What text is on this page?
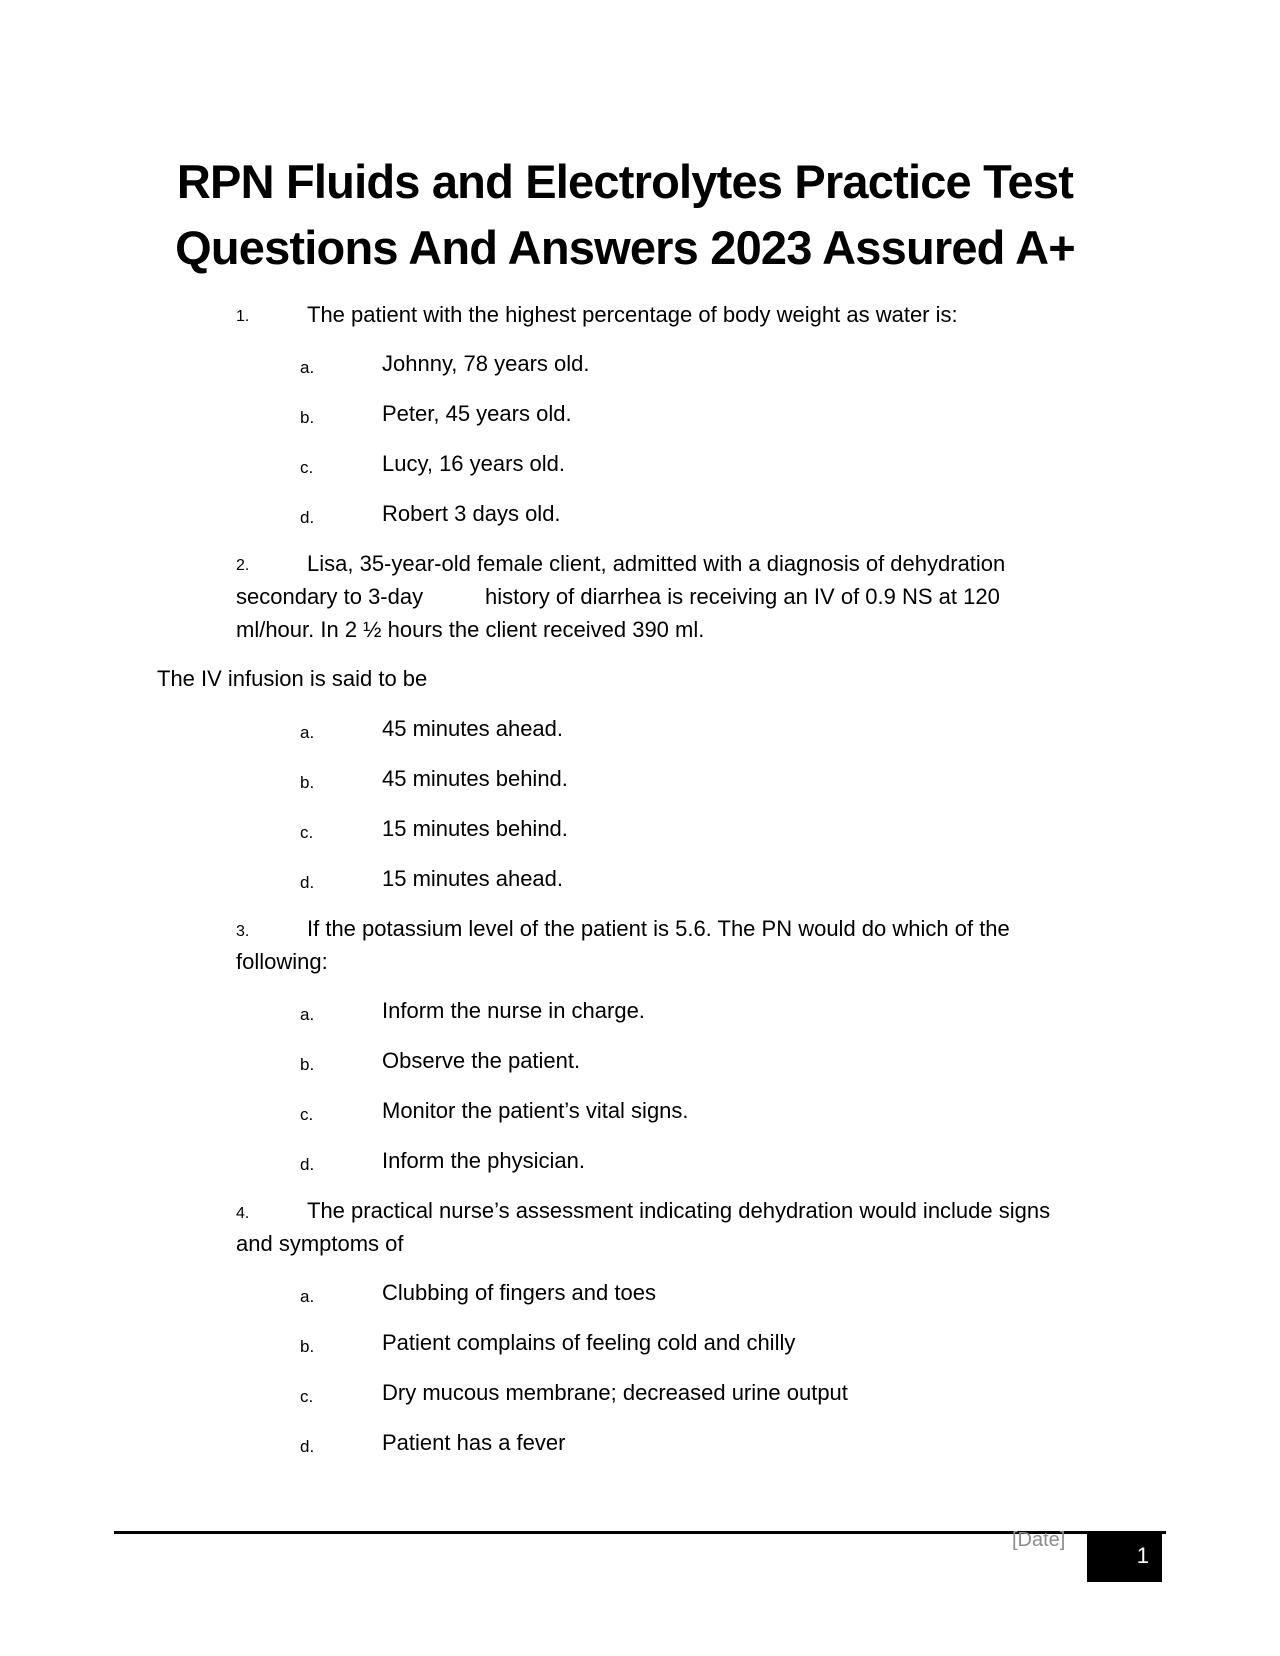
RPN Fluids and Electrolytes Practice Test
Questions And Answers 2023 Assured A+
1.	The patient with the highest percentage of body weight as water is:
a.	Johnny, 78 years old.
b.	Peter, 45 years old.
c.	Lucy, 16 years old.
d.	Robert 3 days old.
2.	Lisa, 35-year-old female client, admitted with a diagnosis of dehydration
secondary to 3-day	history of diarrhea is receiving an IV of 0.9 NS at 120
ml/hour. In 2 ½ hours the client received 390 ml.
The IV infusion is said to be
a.	45 minutes ahead.
b.	45 minutes behind.
c.	15 minutes behind.
d.	15 minutes ahead.
3.	If the potassium level of the patient is 5.6. The PN would do which of the
following:
a.	Inform the nurse in charge.
b.	Observe the patient.
c.	Monitor the patient’s vital signs.
d.	Inform the physician.
4.	The practical nurse’s assessment indicating dehydration would include signs
and symptoms of
a.	Clubbing of fingers and toes
b.	Patient complains of feeling cold and chilly
c.	Dry mucous membrane; decreased urine output
d.	Patient has a fever
[Date]
1
